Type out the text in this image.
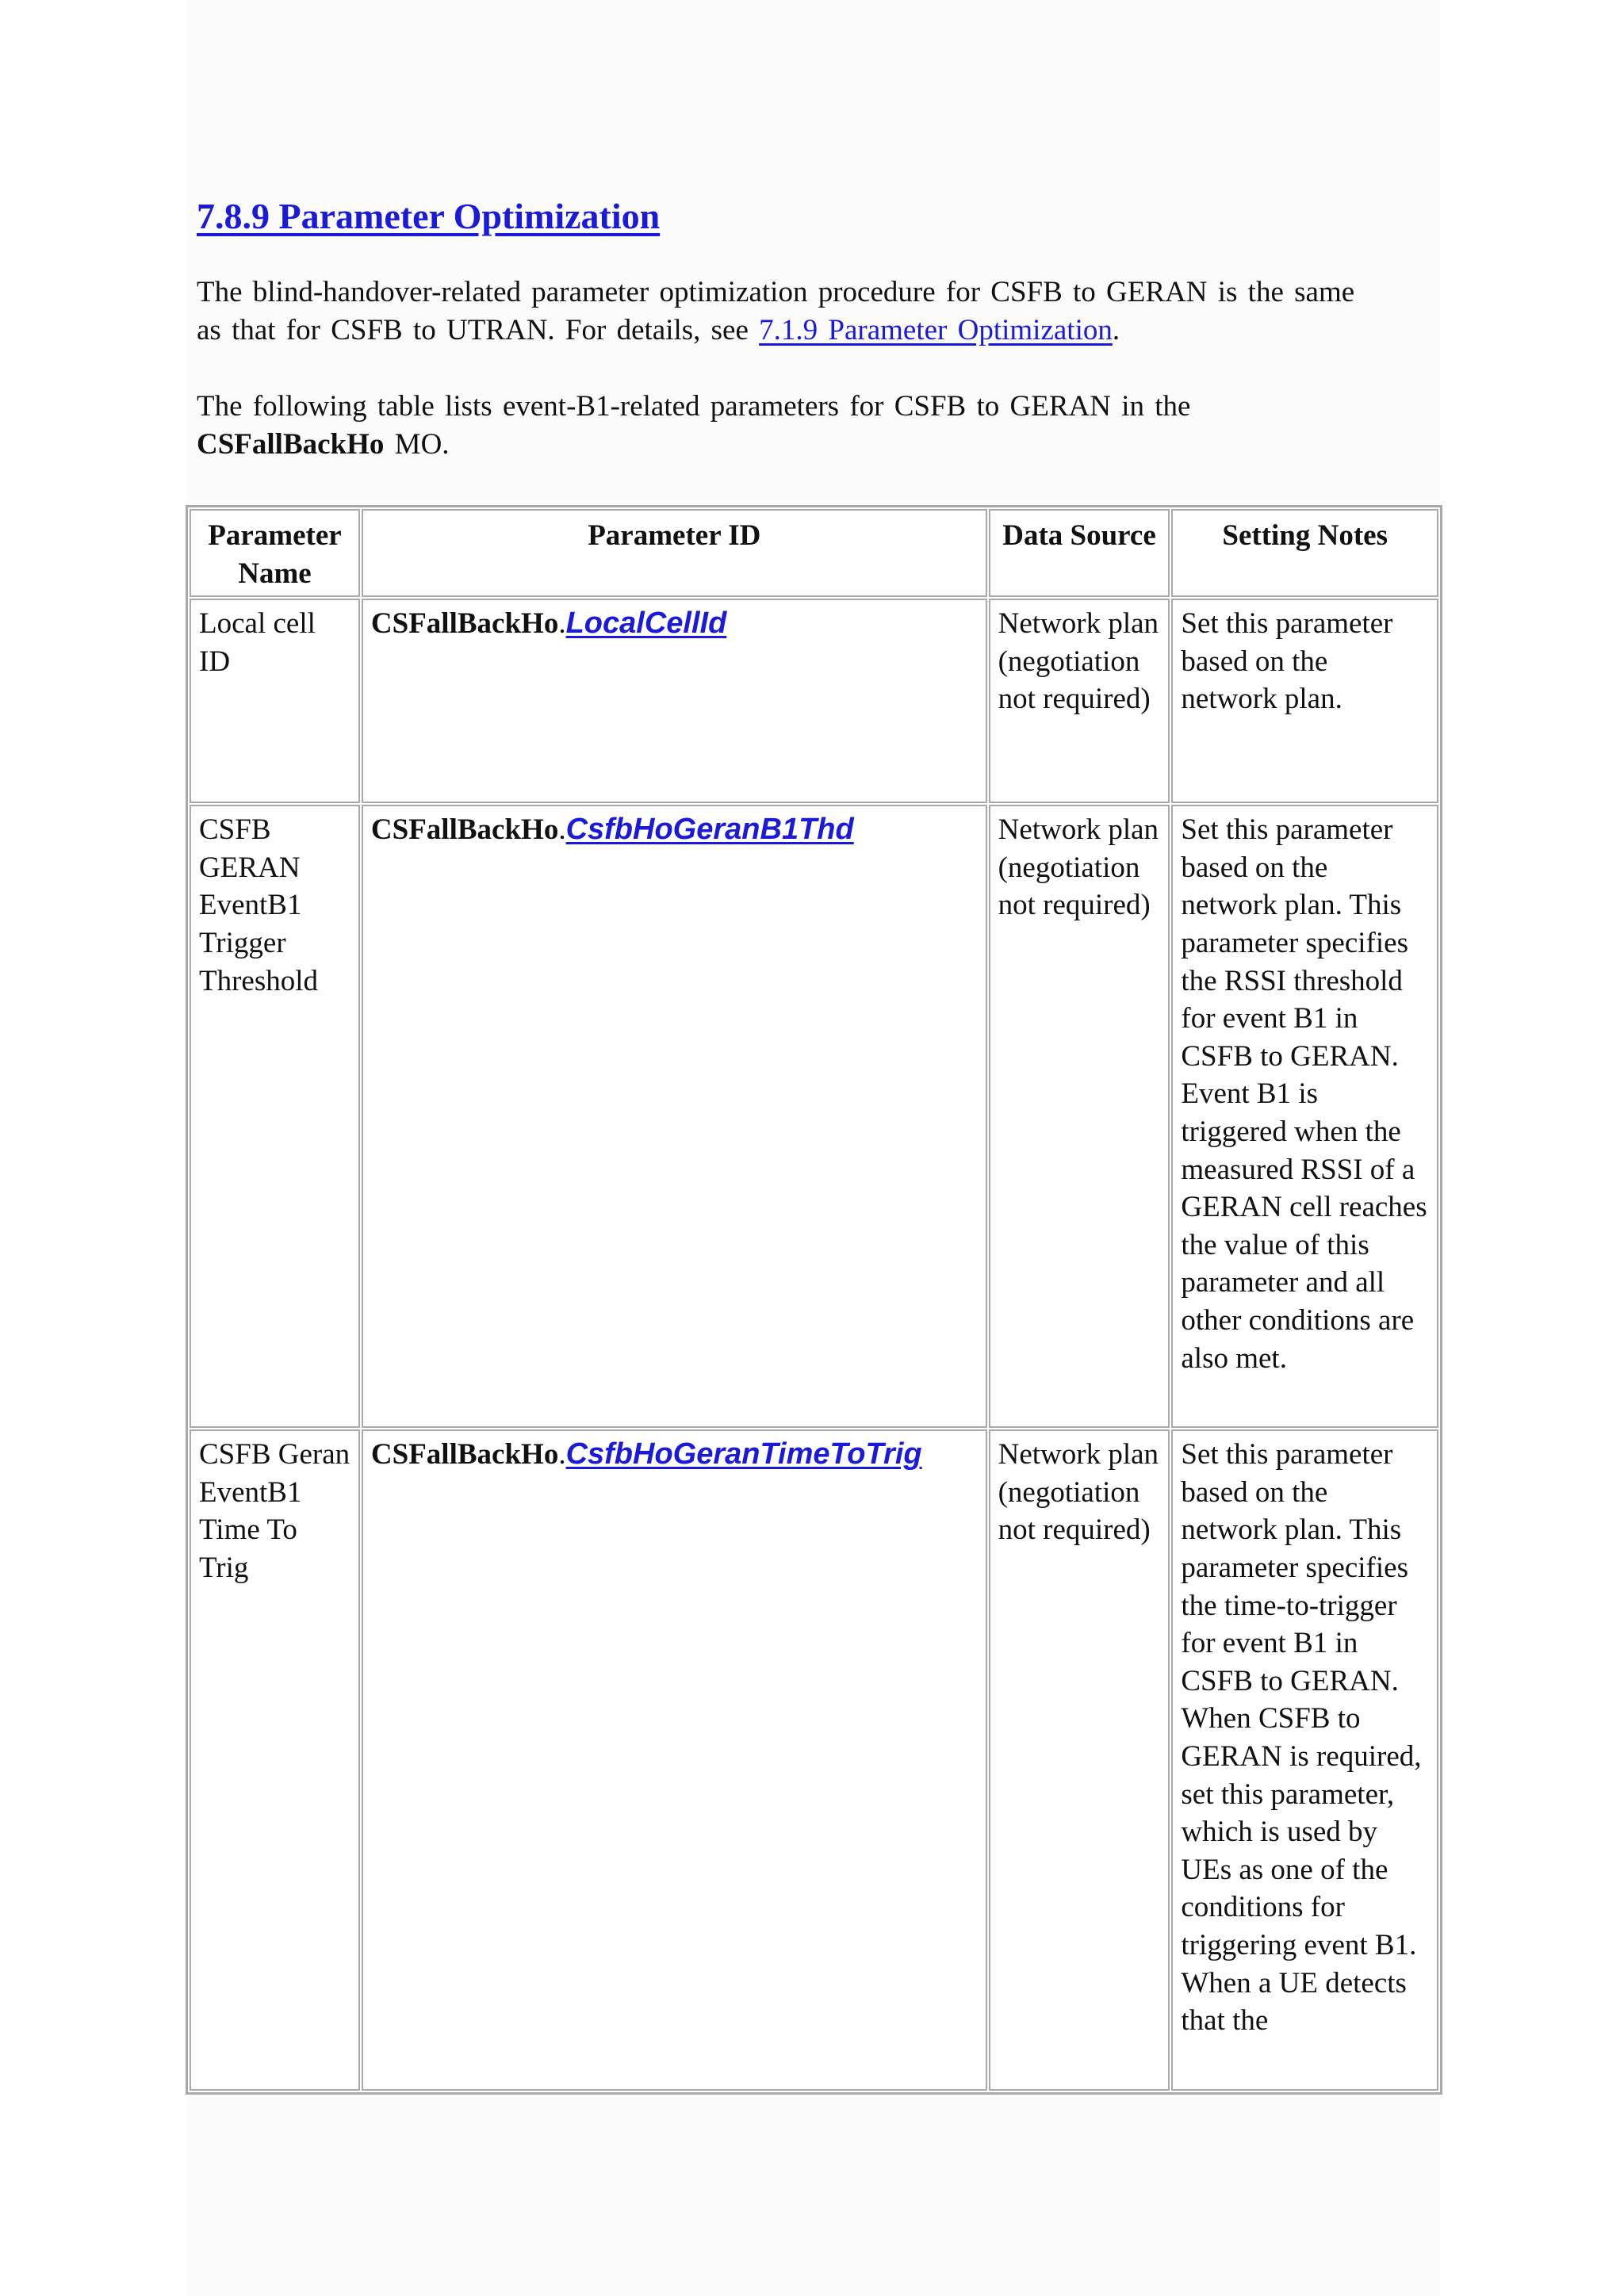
7.8.9 Parameter Optimization
The blind-handover-related parameter optimization procedure for CSFB to GERAN is the same as that for CSFB to UTRAN. For details, see 7.1.9 Parameter Optimization.
The following table lists event-B1-related parameters for CSFB to GERAN in the CSFallBackHo MO.
Parameter Name	Parameter ID	Data Source	Setting Notes
Local cell ID	CSFallBackHo.LocalCellId	Network plan (negotiation not required)	Set this parameter based on the network plan.
CSFB GERAN EventB1 Trigger Threshold	CSFallBackHo.CsfbHoGeranB1Thd	Network plan (negotiation not required)	Set this parameter based on the network plan. This parameter specifies the RSSI threshold for event B1 in CSFB to GERAN. Event B1 is triggered when the measured RSSI of a GERAN cell reaches the value of this parameter and all other conditions are also met.
CSFB Geran EventB1 Time To Trig	CSFallBackHo.CsfbHoGeranTimeToTrig	Network plan (negotiation not required)	Set this parameter based on the network plan. This parameter specifies the time-to-trigger for event B1 in CSFB to GERAN. When CSFB to GERAN is required, set this parameter, which is used by UEs as one of the conditions for triggering event B1. When a UE detects that the
